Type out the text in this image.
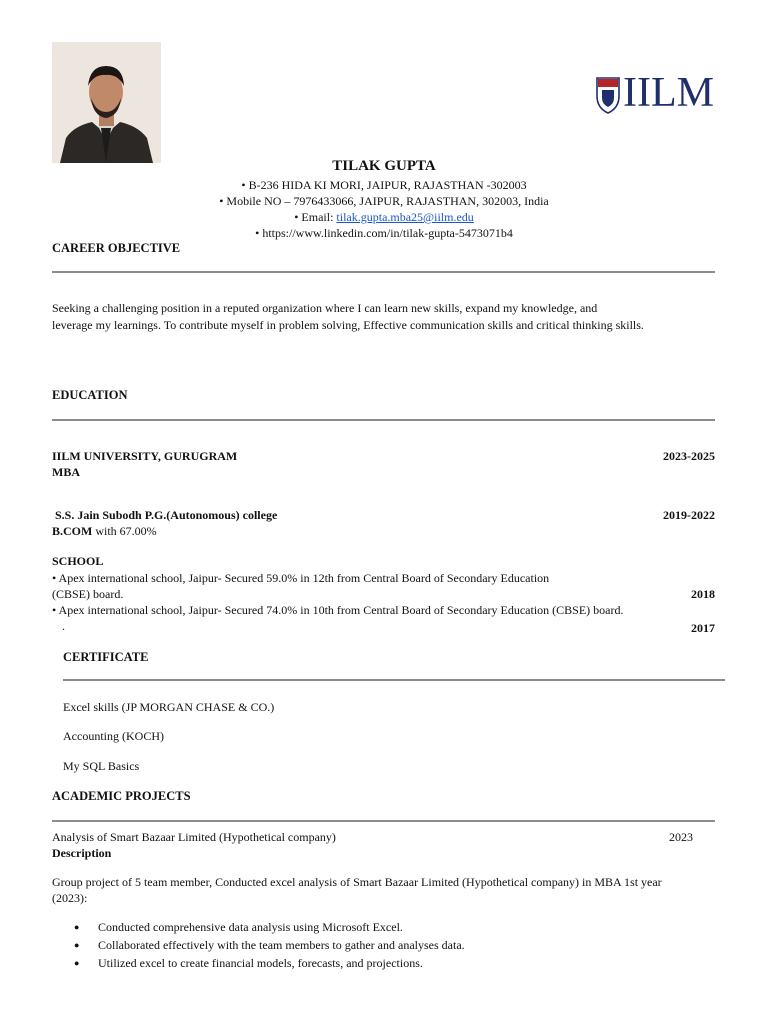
IILM
TILAK GUPTA
• B-236 HIDA KI MORI, JAIPUR, RAJASTHAN -302003
• Mobile NO – 7976433066, JAIPUR, RAJASTHAN, 302003, India
• Email: tilak.gupta.mba25@iilm.edu
• https://www.linkedin.com/in/tilak-gupta-5473071b4
CAREER OBJECTIVE
Seeking a challenging position in a reputed organization where I can learn new skills, expand my knowledge, and
leverage my learnings. To contribute myself in problem solving, Effective communication skills and critical thinking skills.
EDUCATION
IILM UNIVERSITY, GURUGRAM	2023-2025
MBA
S.S. Jain Subodh P.G.(Autonomous) college	2019-2022
B.COM with 67.00%
SCHOOL
• Apex international school, Jaipur- Secured 59.0% in 12th from Central Board of Secondary Education
(CBSE) board.	2018
• Apex international school, Jaipur- Secured 74.0% in 10th from Central Board of Secondary Education (CBSE) board.
.	2017
CERTIFICATE
Excel skills (JP MORGAN CHASE & CO.)
Accounting (KOCH)
My SQL Basics
ACADEMIC PROJECTS
Analysis of Smart Bazaar Limited (Hypothetical company)	2023
Description
Group project of 5 team member, Conducted excel analysis of Smart Bazaar Limited (Hypothetical company) in MBA 1st year
(2023):
● Conducted comprehensive data analysis using Microsoft Excel.
● Collaborated effectively with the team members to gather and analyses data.
● Utilized excel to create financial models, forecasts, and projections.
